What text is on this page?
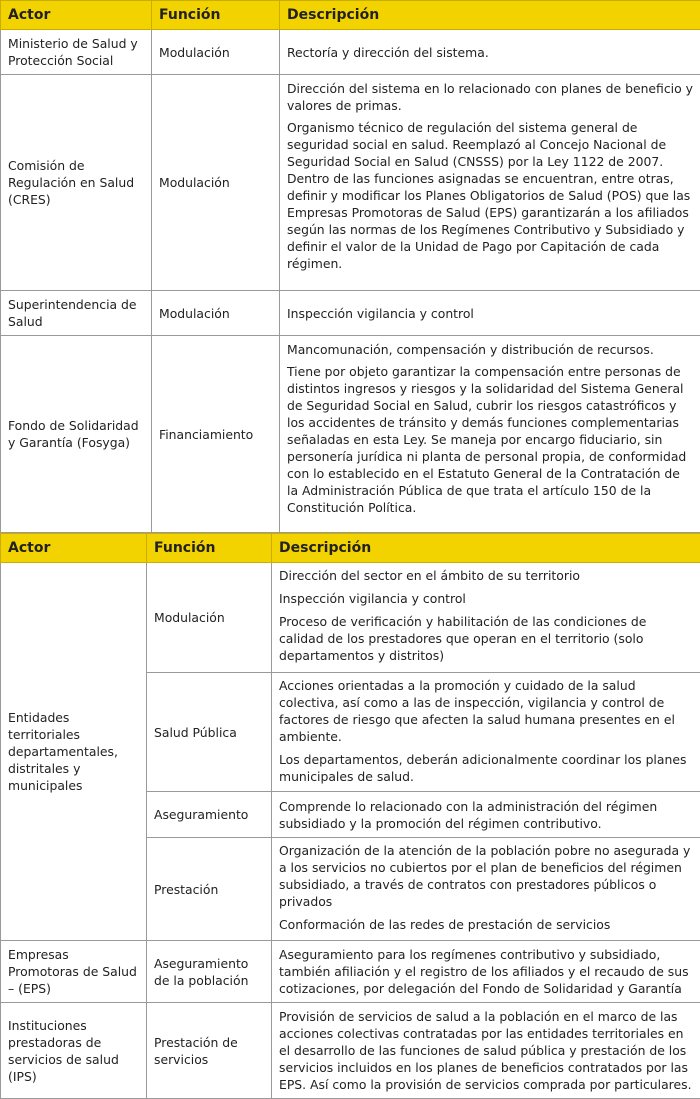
Actor	Función	Descripción
Ministerio de Salud y Protección Social	Modulación	Rectoría y dirección del sistema.

Comisión de Regulación en Salud (CRES)	Modulación	Dirección del sistema en lo relacionado con planes de beneficio y valores de primas.
Organismo técnico de regulación del sistema general de seguridad social en salud. Reemplazó al Concejo Nacional de Seguridad Social en Salud (CNSSS) por la Ley 1122 de 2007. Dentro de las funciones asignadas se encuentran, entre otras, definir y modificar los Planes Obligatorios de Salud (POS) que las Empresas Promotoras de Salud (EPS) garantizarán a los afiliados según las normas de los Regímenes Contributivo y Subsidiado y definir el valor de la Unidad de Pago por Capitación de cada régimen.

Superintendencia de Salud	Modulación	Inspección vigilancia y control

Fondo de Solidaridad y Garantía (Fosyga)	Financiamiento	Mancomunación, compensación y distribución de recursos.
Tiene por objeto garantizar la compensación entre personas de distintos ingresos y riesgos y la solidaridad del Sistema General de Seguridad Social en Salud, cubrir los riesgos catastróficos y los accidentes de tránsito y demás funciones complementarias señaladas en esta Ley. Se maneja por encargo fiduciario, sin personería jurídica ni planta de personal propia, de conformidad con lo establecido en el Estatuto General de la Contratación de la Administración Pública de que trata el artículo 150 de la Constitución Política.
Actor	Función	Descripción
Entidades territoriales departamentales, distritales y municipales	Modulación	Dirección del sector en el ámbito de su territorio
Inspección vigilancia y control
Proceso de verificación y habilitación de las condiciones de calidad de los prestadores que operan en el territorio (solo departamentos y distritos)

	Salud Pública	Acciones orientadas a la promoción y cuidado de la salud colectiva, así como a las de inspección, vigilancia y control de factores de riesgo que afecten la salud humana presentes en el ambiente.
Los departamentos, deberán adicionalmente coordinar los planes municipales de salud.

	Aseguramiento	Comprende lo relacionado con la administración del régimen subsidiado y la promoción del régimen contributivo.

	Prestación	Organización de la atención de la población pobre no asegurada y a los servicios no cubiertos por el plan de beneficios del régimen subsidiado, a través de contratos con prestadores públicos o privados
Conformación de las redes de prestación de servicios

Empresas Promotoras de Salud – (EPS)	Aseguramiento de la población	Aseguramiento para los regímenes contributivo y subsidiado, también afiliación y el registro de los afiliados y el recaudo de sus cotizaciones, por delegación del Fondo de Solidaridad y Garantía

Instituciones prestadoras de servicios de salud (IPS)	Prestación de servicios	Provisión de servicios de salud a la población en el marco de las acciones colectivas contratadas por las entidades territoriales en el desarrollo de las funciones de salud pública y prestación de los servicios incluidos en los planes de beneficios contratados por las EPS. Así como la provisión de servicios comprada por particulares.
